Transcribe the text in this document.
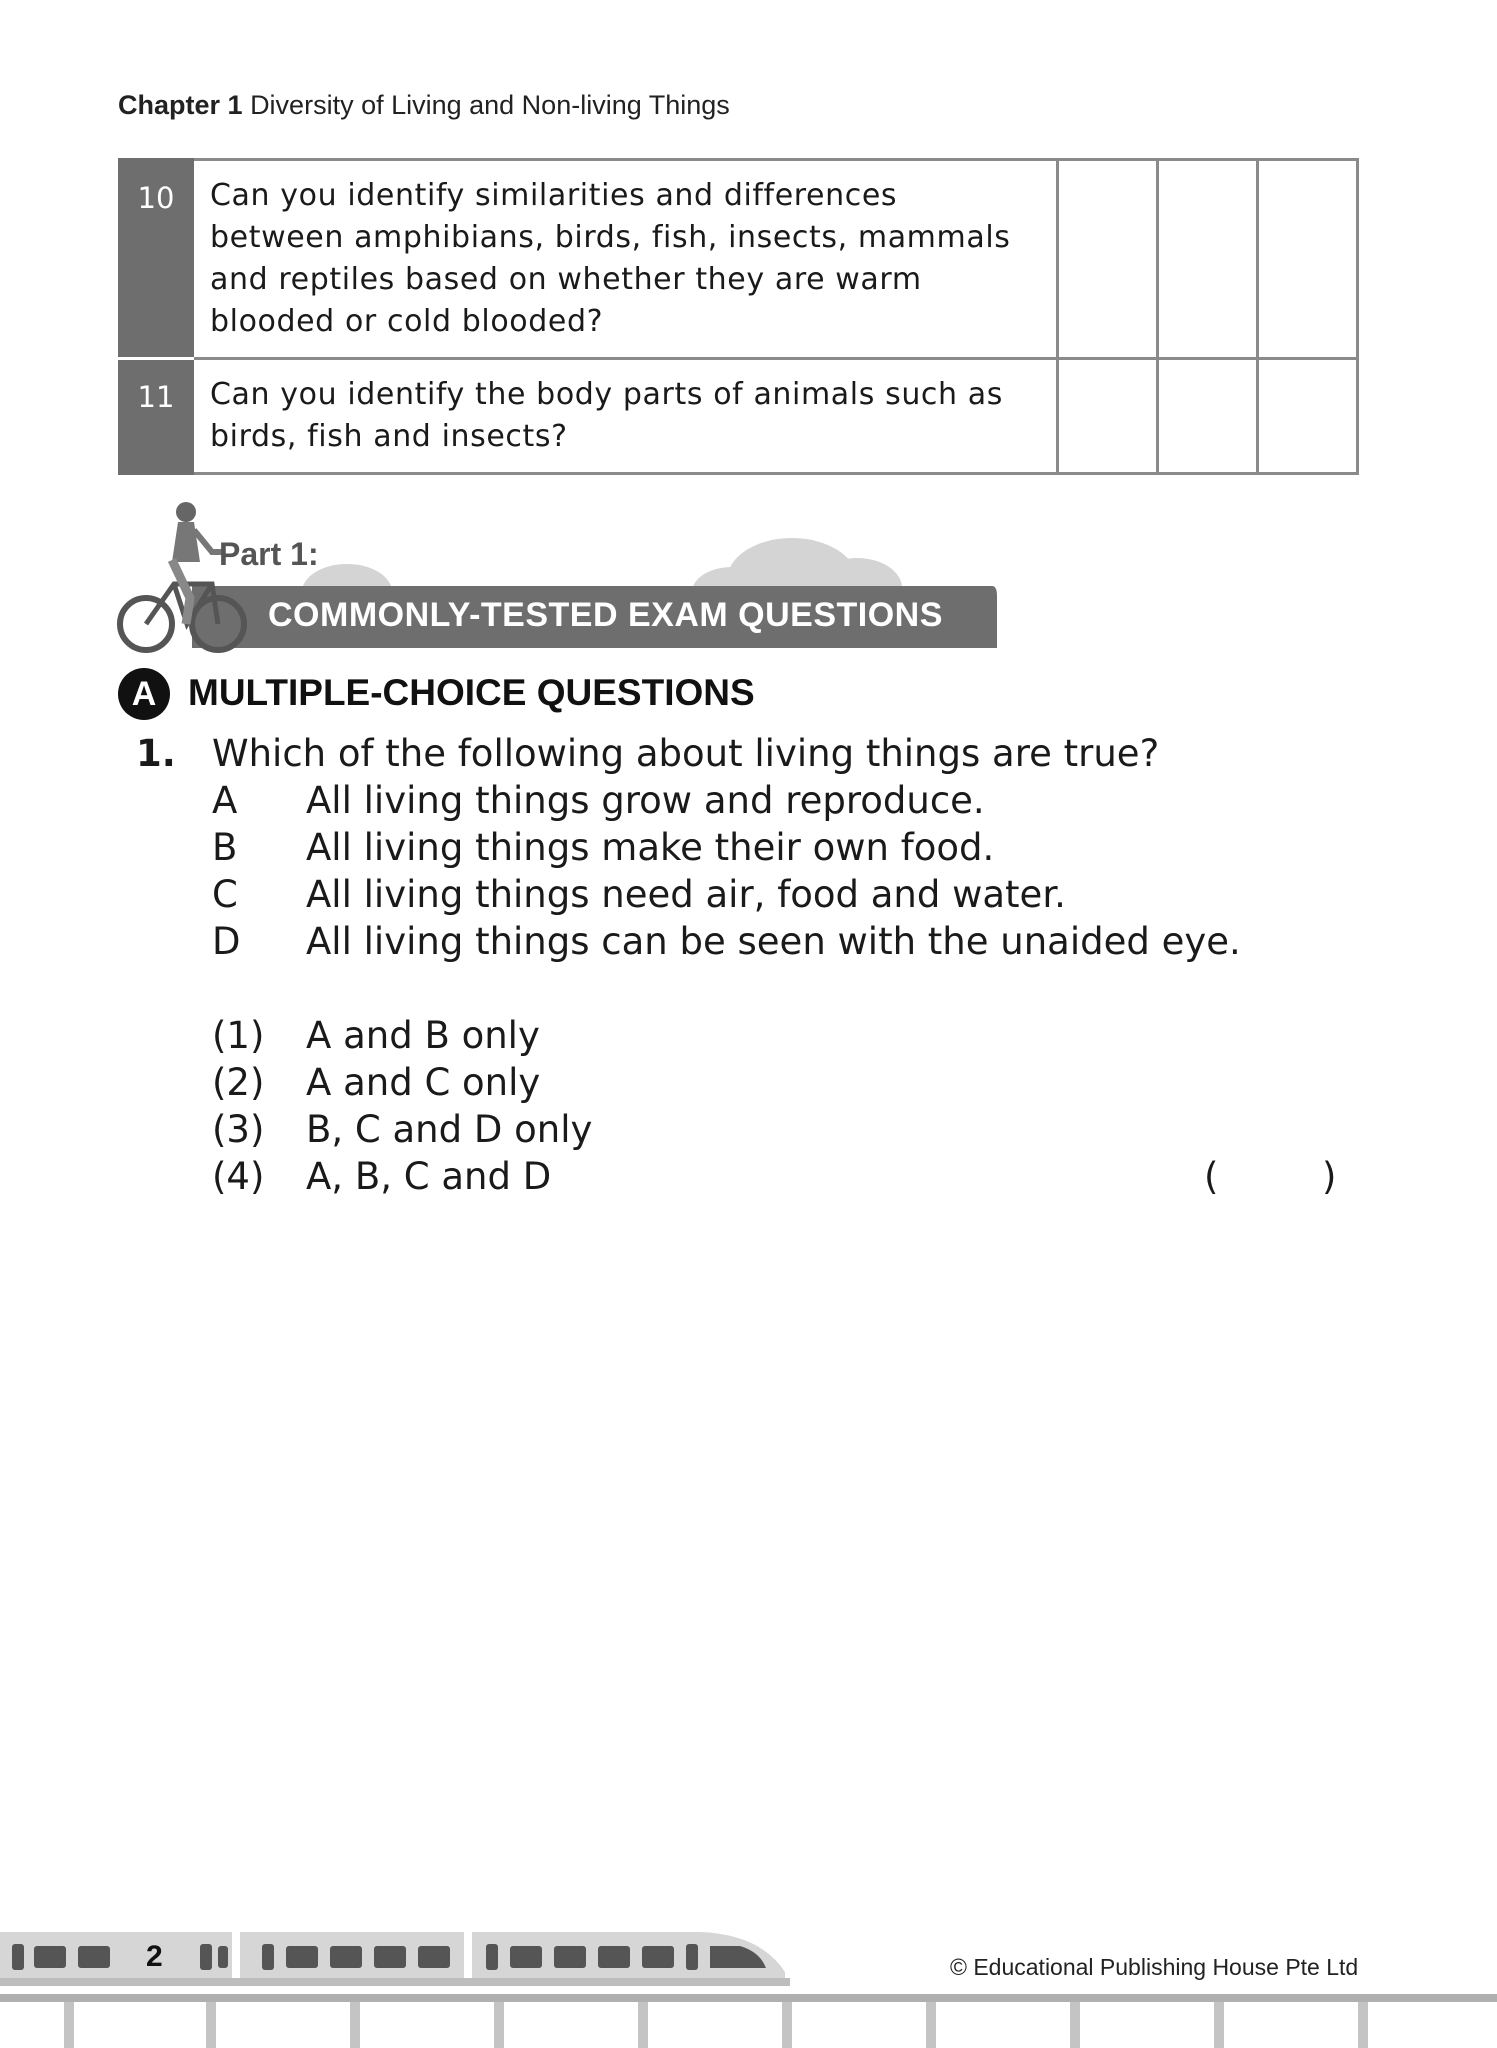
Chapter 1 Diversity of Living and Non-living Things
10	Can you identify similarities and differences
between amphibians, birds, fish, insects, mammals
and reptiles based on whether they are warm
blooded or cold blooded?			

11	Can you identify the body parts of animals such as
birds, fish and insects?			

Part 1:
COMMONLY-TESTED EXAM QUESTIONS
A MULTIPLE-CHOICE QUESTIONS
1. Which of the following about living things are true?
A All living things grow and reproduce.
B All living things make their own food.
C All living things need air, food and water.
D All living things can be seen with the unaided eye.
(1) A and B only
(2) A and C only
(3) B, C and D only
(4) A, B, C and D	(	)
2	© Educational Publishing House Pte Ltd
